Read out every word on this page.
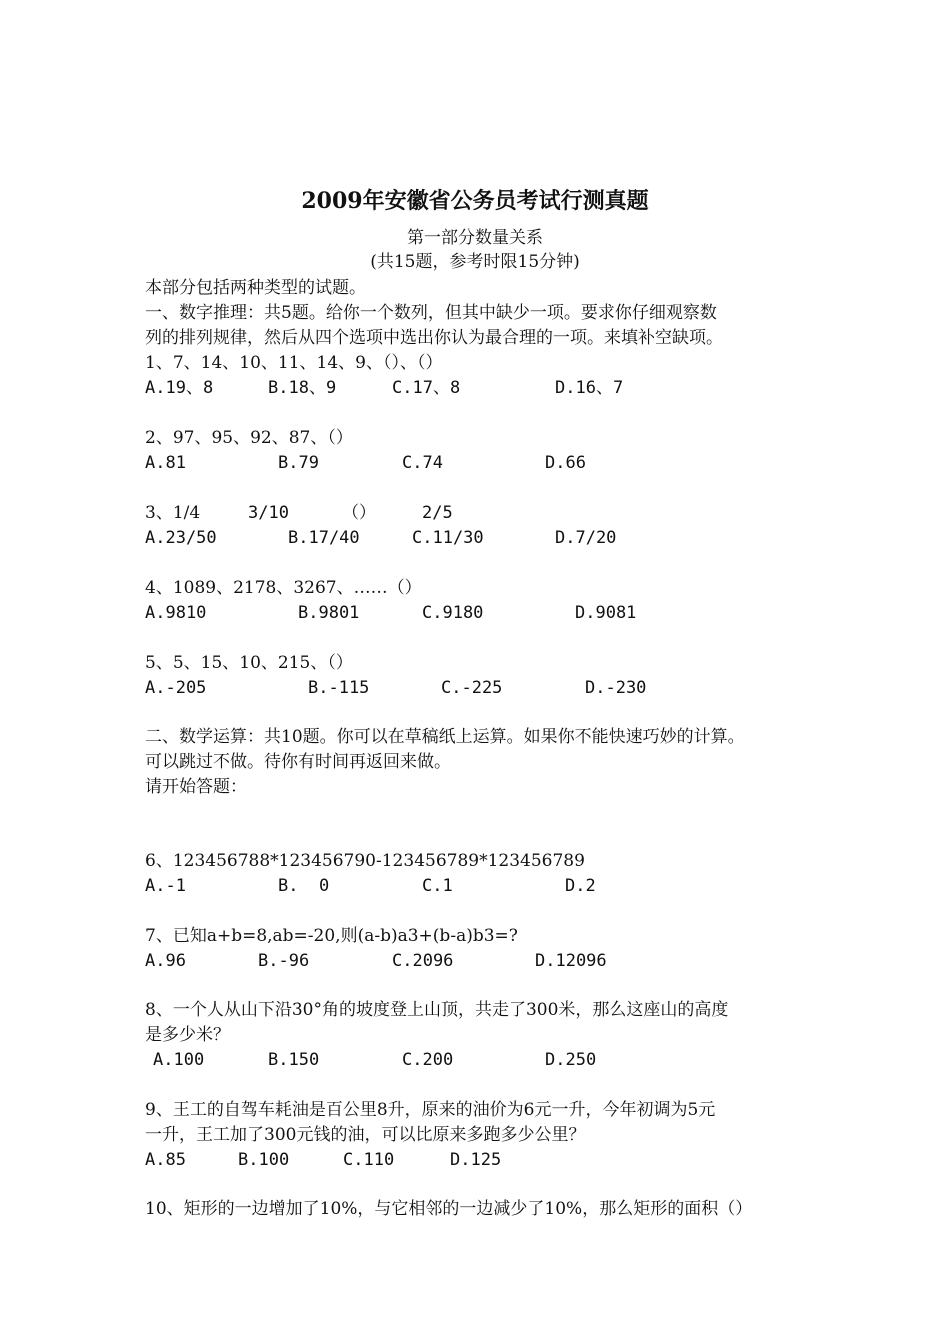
2009年安徽省公务员考试行测真题
第一部分数量关系
(共15题，参考时限15分钟)
本部分包括两种类型的试题。
一、数字推理：共5题。给你一个数列，但其中缺少一项。要求你仔细观察数
列的排列规律，然后从四个选项中选出你认为最合理的一项。来填补空缺项。
1、7、14、10、11、14、9、（）、（）
A.19、8	B.18、9	C.17、8	D.16、7
2、97、95、92、87、（）
A.81	B.79	C.74	D.66
3、1/4	3/10	（）	2/5
A.23/50	B.17/40	C.11/30	D.7/20
4、1089、2178、3267、……（）
A.9810	B.9801	C.9180	D.9081
5、5、15、10、215、（）
A.-205	B.-115	C.-225	D.-230
二、数学运算：共10题。你可以在草稿纸上运算。如果你不能快速巧妙的计算。
可以跳过不做。待你有时间再返回来做。
请开始答题：
6、123456788*123456790-123456789*123456789
A.-1	B.  0	C.1	D.2
7、已知a+b=8,ab=-20,则(a-b)a3+(b-a)b3=?
A.96	B.-96	C.2096	D.12096
8、一个人从山下沿30°角的坡度登上山顶，共走了300米，那么这座山的高度
是多少米？
A.100	B.150	C.200	D.250
9、王工的自驾车耗油是百公里8升，原来的油价为6元一升，今年初调为5元
一升，王工加了300元钱的油，可以比原来多跑多少公里？
A.85	B.100	C.110	D.125
10、矩形的一边增加了10%，与它相邻的一边减少了10%，那么矩形的面积（）
